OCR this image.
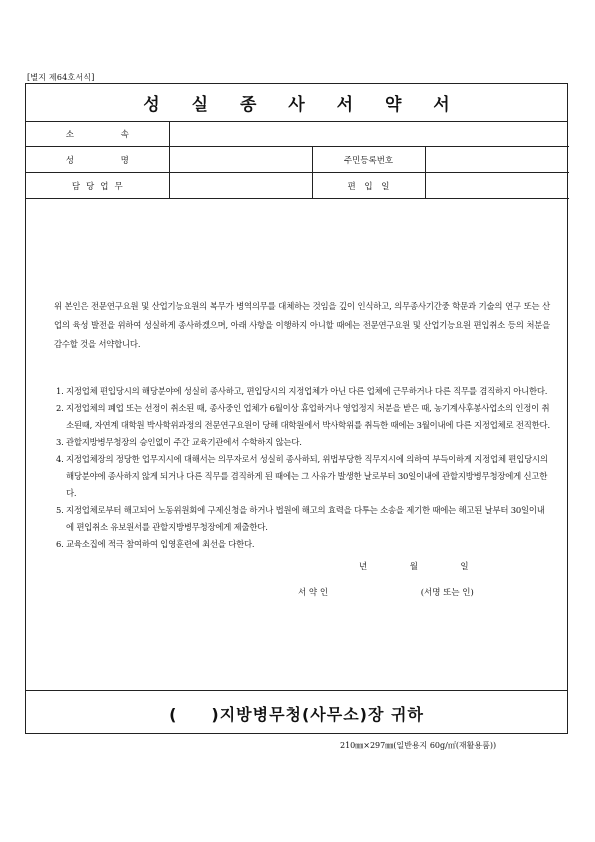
[별지 제64호서식]
성 실 종 사 서 약 서
소 속			
성 명		주민등록번호	
담당업무		편 입 일	
위 본인은 전문연구요원 및 산업기능요원의 복무가 병역의무를 대체하는 것임을 깊이 인식하고, 의무종사기간중 학문과 기술의 연구 또는 산업의 육성 발전을 위하여 성실하게 종사하겠으며, 아래 사항을 이행하지 아니할 때에는 전문연구요원 및 산업기능요원 편입취소 등의 처분을 감수할 것을 서약합니다.
1. 지정업체 편입당시의 해당분야에 성실히 종사하고, 편입당시의 지정업체가 아닌 다른 업체에 근무하거나 다른 직무를 겸직하지 아니한다.
2. 지정업체의 폐업 또는 선정이 취소된 때, 종사중인 업체가 6월이상 휴업하거나 영업정지 처분을 받은 때, 농기계사후봉사업소의 인정이 취소된때, 자연계 대학원 박사학위과정의 전문연구요원이 당해 대학원에서 박사학위를 취득한 때에는 3월이내에 다른 지정업체로 전직한다.
3. 관할지방병무청장의 승인없이 주간 교육기관에서 수학하지 않는다.
4. 지정업체장의 정당한 업무지시에 대해서는 의무자로서 성실히 종사하되, 위법부당한 직무지시에 의하여 부득이하게 지정업체 편입당시의 해당분야에 종사하지 않게 되거나 다른 직무를 겸직하게 된 때에는 그 사유가 발생한 날로부터 30일이내에 관할지방병무청장에게 신고한다.
5. 지정업체로부터 해고되어 노동위원회에 구제신청을 하거나 법원에 해고의 효력을 다투는 소송을 제기한 때에는 해고된 날부터 30일이내에 편입취소 유보원서를 관할지방병무청장에게 제출한다.
6. 교육소집에 적극 참여하여 입영훈련에 최선을 다한다.
년	월	일
서 약 인	(서명 또는 인)
(　　)지방병무청(사무소)장 귀하
210㎜×297㎜(일반용지 60g/㎡(재활용품))
